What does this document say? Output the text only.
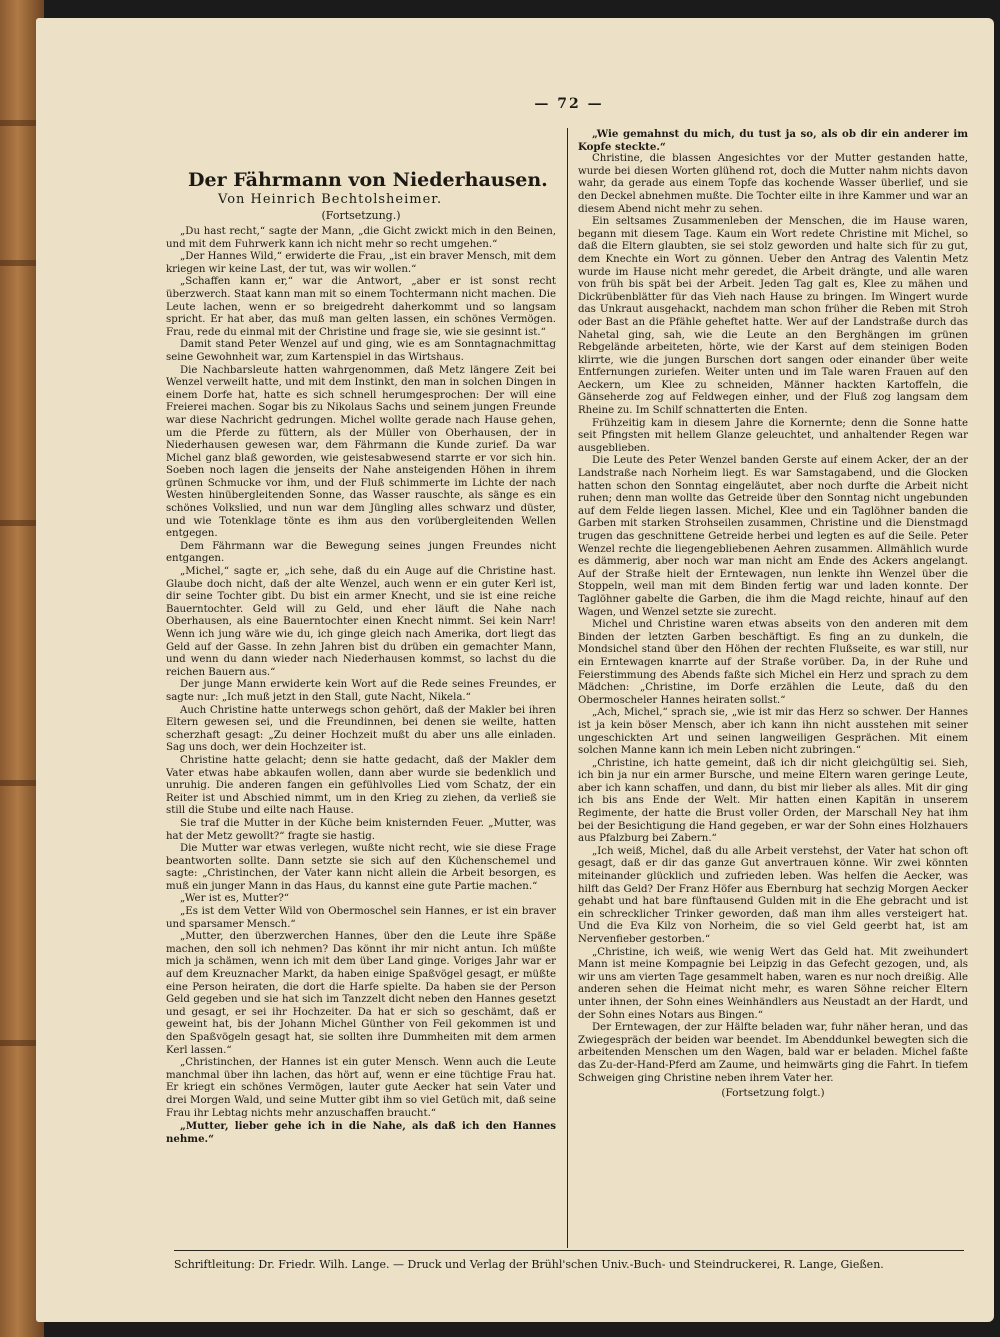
— 72 —
Der Fährmann von Niederhausen.
Von Heinrich Bechtolsheimer.
(Fortsetzung.)

„Du hast recht,“ sagte der Mann, „die Gicht zwickt mich in den Beinen, und mit dem Fuhrwerk kann ich nicht mehr so recht umgehen.“

„Der Hannes Wild,“ erwiderte die Frau, „ist ein braver Mensch, mit dem kriegen wir keine Last, der tut, was wir wollen.“

„Schaffen kann er,“ war die Antwort, „aber er ist sonst recht überzwerch. Staat kann man mit so einem Tochtermann nicht machen. Die Leute lachen, wenn er so breigedreht daherkommt und so langsam spricht. Er hat aber, das muß man gelten lassen, ein schönes Vermögen. Frau, rede du einmal mit der Christine und frage sie, wie sie gesinnt ist.“

Damit stand Peter Wenzel auf und ging, wie es am Sonntagnachmittag seine Gewohnheit war, zum Kartenspiel in das Wirtshaus.

Die Nachbarsleute hatten wahrgenommen, daß Metz längere Zeit bei Wenzel verweilt hatte, und mit dem Instinkt, den man in solchen Dingen in einem Dorfe hat, hatte es sich schnell herumgesprochen: Der will eine Freierei machen. Sogar bis zu Nikolaus Sachs und seinem jungen Freunde war diese Nachricht gedrungen. Michel wollte gerade nach Hause gehen, um die Pferde zu füttern, als der Müller von Oberhausen, der in Niederhausen gewesen war, dem Fährmann die Kunde zurief. Da war Michel ganz blaß geworden, wie geistesabwesend starrte er vor sich hin. Soeben noch lagen die jenseits der Nahe ansteigenden Höhen in ihrem grünen Schmucke vor ihm, und der Fluß schimmerte im Lichte der nach Westen hinübergleitenden Sonne, das Wasser rauschte, als sänge es ein schönes Volkslied, und nun war dem Jüngling alles schwarz und düster, und wie Totenklage tönte es ihm aus den vorübergleitenden Wellen entgegen.

Dem Fährmann war die Bewegung seines jungen Freundes nicht entgangen.

„Michel,“ sagte er, „ich sehe, daß du ein Auge auf die Christine hast. Glaube doch nicht, daß der alte Wenzel, auch wenn er ein guter Kerl ist, dir seine Tochter gibt. Du bist ein armer Knecht, und sie ist eine reiche Bauerntochter. Geld will zu Geld, und eher läuft die Nahe nach Oberhausen, als eine Bauerntochter einen Knecht nimmt. Sei kein Narr! Wenn ich jung wäre wie du, ich ginge gleich nach Amerika, dort liegt das Geld auf der Gasse. In zehn Jahren bist du drüben ein gemachter Mann, und wenn du dann wieder nach Niederhausen kommst, so lachst du die reichen Bauern aus.“

Der junge Mann erwiderte kein Wort auf die Rede seines Freundes, er sagte nur: „Ich muß jetzt in den Stall, gute Nacht, Nikela.“

Auch Christine hatte unterwegs schon gehört, daß der Makler bei ihren Eltern gewesen sei, und die Freundinnen, bei denen sie weilte, hatten scherzhaft gesagt: „Zu deiner Hochzeit mußt du aber uns alle einladen. Sag uns doch, wer dein Hochzeiter ist.

Christine hatte gelacht; denn sie hatte gedacht, daß der Makler dem Vater etwas habe abkaufen wollen, dann aber wurde sie bedenklich und unruhig. Die anderen fangen ein gefühlvolles Lied vom Schatz, der ein Reiter ist und Abschied nimmt, um in den Krieg zu ziehen, da verließ sie still die Stube und eilte nach Hause.

Sie traf die Mutter in der Küche beim knisternden Feuer. „Mutter, was hat der Metz gewollt?“ fragte sie hastig.

Die Mutter war etwas verlegen, wußte nicht recht, wie sie diese Frage beantworten sollte. Dann setzte sie sich auf den Küchenschemel und sagte: „Christinchen, der Vater kann nicht allein die Arbeit besorgen, es muß ein junger Mann in das Haus, du kannst eine gute Partie machen.“

„Wer ist es, Mutter?“

„Es ist dem Vetter Wild von Obermoschel sein Hannes, er ist ein braver und sparsamer Mensch.“

„Mutter, den überzwerchen Hannes, über den die Leute ihre Späße machen, den soll ich nehmen? Das könnt ihr mir nicht antun. Ich müßte mich ja schämen, wenn ich mit dem über Land ginge. Voriges Jahr war er auf dem Kreuznacher Markt, da haben einige Spaßvögel gesagt, er müßte eine Person heiraten, die dort die Harfe spielte. Da haben sie der Person Geld gegeben und sie hat sich im Tanzzelt dicht neben den Hannes gesetzt und gesagt, er sei ihr Hochzeiter. Da hat er sich so geschämt, daß er geweint hat, bis der Johann Michel Günther von Feil gekommen ist und den Spaßvögeln gesagt hat, sie sollten ihre Dummheiten mit dem armen Kerl lassen.“

„Christinchen, der Hannes ist ein guter Mensch. Wenn auch die Leute manchmal über ihn lachen, das hört auf, wenn er eine tüchtige Frau hat. Er kriegt ein schönes Vermögen, lauter gute Aecker hat sein Vater und drei Morgen Wald, und seine Mutter gibt ihm so viel Getüch mit, daß seine Frau ihr Lebtag nichts mehr anzuschaffen braucht.“

„Mutter, lieber gehe ich in die Nahe, als daß ich den Hannes nehme.“

„Wie gemahnst du mich, du tust ja so, als ob dir ein anderer im Kopfe steckte.“

Christine, die blassen Angesichtes vor der Mutter gestanden hatte, wurde bei diesen Worten glühend rot, doch die Mutter nahm nichts davon wahr, da gerade aus einem Topfe das kochende Wasser überlief, und sie den Deckel abnehmen mußte. Die Tochter eilte in ihre Kammer und war an diesem Abend nicht mehr zu sehen.

Ein seltsames Zusammenleben der Menschen, die im Hause waren, begann mit diesem Tage. Kaum ein Wort redete Christine mit Michel, so daß die Eltern glaubten, sie sei stolz geworden und halte sich für zu gut, dem Knechte ein Wort zu gönnen. Ueber den Antrag des Valentin Metz wurde im Hause nicht mehr geredet, die Arbeit drängte, und alle waren von früh bis spät bei der Arbeit. Jeden Tag galt es, Klee zu mähen und Dickrübenblätter für das Vieh nach Hause zu bringen. Im Wingert wurde das Unkraut ausgehackt, nachdem man schon früher die Reben mit Stroh oder Bast an die Pfähle geheftet hatte. Wer auf der Landstraße durch das Nahetal ging, sah, wie die Leute an den Berghängen im grünen Rebgelände arbeiteten, hörte, wie der Karst auf dem steinigen Boden klirrte, wie die jungen Burschen dort sangen oder einander über weite Entfernungen zuriefen. Weiter unten und im Tale waren Frauen auf den Aeckern, um Klee zu schneiden, Männer hackten Kartoffeln, die Gänseherde zog auf Feldwegen einher, und der Fluß zog langsam dem Rheine zu. Im Schilf schnatterten die Enten.

Frühzeitig kam in diesem Jahre die Kornernte; denn die Sonne hatte seit Pfingsten mit hellem Glanze geleuchtet, und anhaltender Regen war ausgeblieben.

Die Leute des Peter Wenzel banden Gerste auf einem Acker, der an der Landstraße nach Norheim liegt. Es war Samstagabend, und die Glocken hatten schon den Sonntag eingeläutet, aber noch durfte die Arbeit nicht ruhen; denn man wollte das Getreide über den Sonntag nicht ungebunden auf dem Felde liegen lassen. Michel, Klee und ein Taglöhner banden die Garben mit starken Strohseilen zusammen, Christine und die Dienstmagd trugen das geschnittene Getreide herbei und legten es auf die Seile. Peter Wenzel rechte die liegengebliebenen Aehren zusammen. Allmählich wurde es dämmerig, aber noch war man nicht am Ende des Ackers angelangt. Auf der Straße hielt der Erntewagen, nun lenkte ihn Wenzel über die Stoppeln, weil man mit dem Binden fertig war und laden konnte. Der Taglöhner gabelte die Garben, die ihm die Magd reichte, hinauf auf den Wagen, und Wenzel setzte sie zurecht.

Michel und Christine waren etwas abseits von den anderen mit dem Binden der letzten Garben beschäftigt. Es fing an zu dunkeln, die Mondsichel stand über den Höhen der rechten Flußseite, es war still, nur ein Erntewagen knarrte auf der Straße vorüber. Da, in der Ruhe und Feierstimmung des Abends faßte sich Michel ein Herz und sprach zu dem Mädchen: „Christine, im Dorfe erzählen die Leute, daß du den Obermoscheler Hannes heiraten sollst.“

„Ach, Michel,“ sprach sie, „wie ist mir das Herz so schwer. Der Hannes ist ja kein böser Mensch, aber ich kann ihn nicht ausstehen mit seiner ungeschickten Art und seinen langweiligen Gesprächen. Mit einem solchen Manne kann ich mein Leben nicht zubringen.“

„Christine, ich hatte gemeint, daß ich dir nicht gleichgültig sei. Sieh, ich bin ja nur ein armer Bursche, und meine Eltern waren geringe Leute, aber ich kann schaffen, und dann, du bist mir lieber als alles. Mit dir ging ich bis ans Ende der Welt. Mir hatten einen Kapitän in unserem Regimente, der hatte die Brust voller Orden, der Marschall Ney hat ihm bei der Besichtigung die Hand gegeben, er war der Sohn eines Holzhauers aus Pfalzburg bei Zabern.“

„Ich weiß, Michel, daß du alle Arbeit verstehst, der Vater hat schon oft gesagt, daß er dir das ganze Gut anvertrauen könne. Wir zwei könnten miteinander glücklich und zufrieden leben. Was helfen die Aecker, was hilft das Geld? Der Franz Höfer aus Ebernburg hat sechzig Morgen Aecker gehabt und hat bare fünftausend Gulden mit in die Ehe gebracht und ist ein schrecklicher Trinker geworden, daß man ihm alles versteigert hat. Und die Eva Kilz von Norheim, die so viel Geld geerbt hat, ist am Nervenfieber gestorben.“

„Christine, ich weiß, wie wenig Wert das Geld hat. Mit zweihundert Mann ist meine Kompagnie bei Leipzig in das Gefecht gezogen, und, als wir uns am vierten Tage gesammelt haben, waren es nur noch dreißig. Alle anderen sehen die Heimat nicht mehr, es waren Söhne reicher Eltern unter ihnen, der Sohn eines Weinhändlers aus Neustadt an der Hardt, und der Sohn eines Notars aus Bingen.“

Der Erntewagen, der zur Hälfte beladen war, fuhr näher heran, und das Zwiegespräch der beiden war beendet. Im Abenddunkel bewegten sich die arbeitenden Menschen um den Wagen, bald war er beladen. Michel faßte das Zu-der-Hand-Pferd am Zaume, und heimwärts ging die Fahrt. In tiefem Schweigen ging Christine neben ihrem Vater her.

(Fortsetzung folgt.)
Schriftleitung: Dr. Friedr. Wilh. Lange. — Druck und Verlag der Brühl'schen Univ.-Buch- und Steindruckerei, R. Lange, Gießen.
